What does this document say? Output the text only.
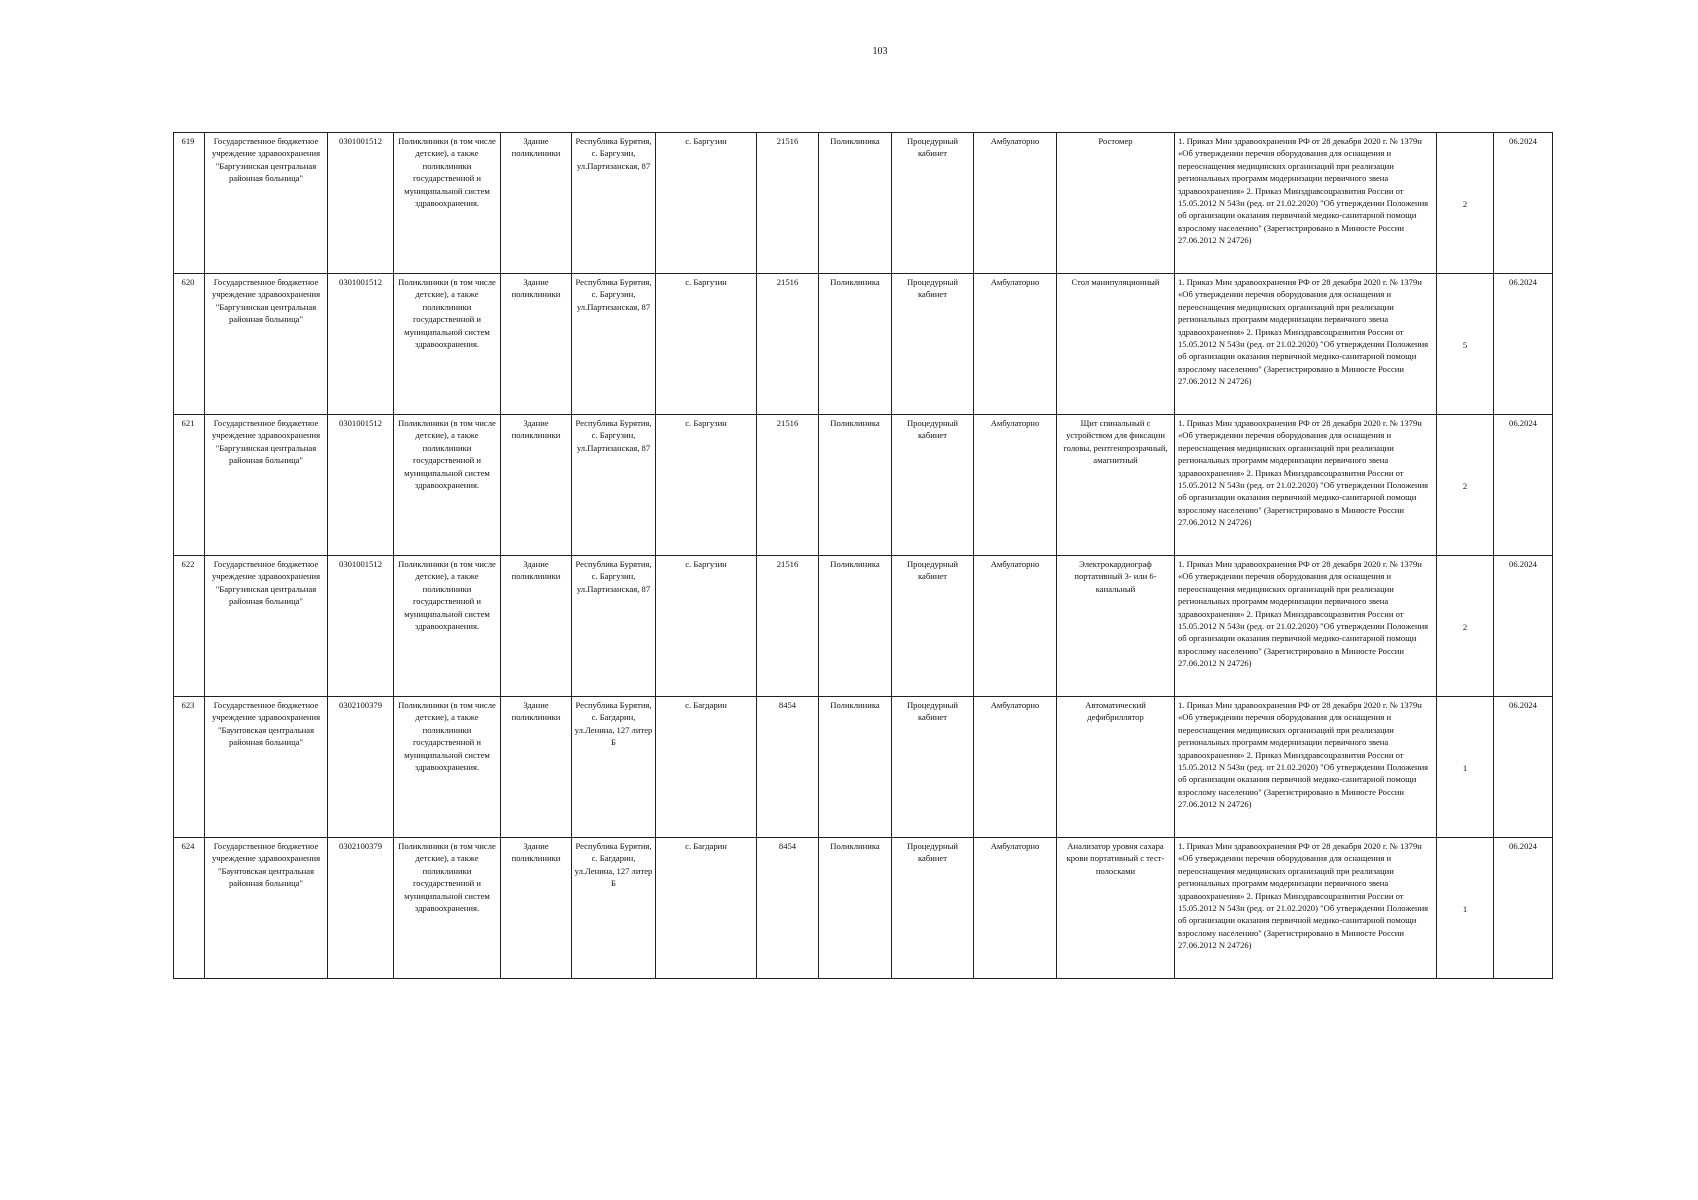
103
619	Государственное бюджетное учреждение здравоохранения "Баргузинская центральная районная больница"	0301001512	Поликлиники (в том числе детские), а также поликлиники государственной и муниципальной систем здравоохранения.	Здание поликлиники	Республика Бурятия, с. Баргузин, ул.Партизанская, 87	с. Баргузин	21516	Поликлиника	Процедурный кабинет	Амбулаторно	Ростомер	1. Приказ Мин здравоохранения РФ от 28 декабря 2020 г. № 1379н «Об утверждении перечня оборудования для оснащения и переоснащения медицинских организаций при реализации региональных программ модернизации первичного звена здравоохранения» 2. Приказ Минздравсоцразвития России от 15.05.2012 N 543н (ред. от 21.02.2020) "Об утверждении Положения об организации оказания первичной медико-санитарной помощи взрослому населению" (Зарегистрировано в Минюсте России 27.06.2012 N 24726)	2	06.2024
620	Государственное бюджетное учреждение здравоохранения "Баргузинская центральная районная больница"	0301001512	Поликлиники (в том числе детские), а также поликлиники государственной и муниципальной систем здравоохранения.	Здание поликлиники	Республика Бурятия, с. Баргузин, ул.Партизанская, 87	с. Баргузин	21516	Поликлиника	Процедурный кабинет	Амбулаторно	Стол манипуляционный	1. Приказ Мин здравоохранения РФ от 28 декабря 2020 г. № 1379н «Об утверждении перечня оборудования для оснащения и переоснащения медицинских организаций при реализации региональных программ модернизации первичного звена здравоохранения» 2. Приказ Минздравсоцразвития России от 15.05.2012 N 543н (ред. от 21.02.2020) "Об утверждении Положения об организации оказания первичной медико-санитарной помощи взрослому населению" (Зарегистрировано в Минюсте России 27.06.2012 N 24726)	5	06.2024
621	Государственное бюджетное учреждение здравоохранения "Баргузинская центральная районная больница"	0301001512	Поликлиники (в том числе детские), а также поликлиники государственной и муниципальной систем здравоохранения.	Здание поликлиники	Республика Бурятия, с. Баргузин, ул.Партизанская, 87	с. Баргузин	21516	Поликлиника	Процедурный кабинет	Амбулаторно	Щит спинальный с устройством для фиксации головы, рентгенпрозрачный, амагнитный	1. Приказ Мин здравоохранения РФ от 28 декабря 2020 г. № 1379н «Об утверждении перечня оборудования для оснащения и переоснащения медицинских организаций при реализации региональных программ модернизации первичного звена здравоохранения» 2. Приказ Минздравсоцразвития России от 15.05.2012 N 543н (ред. от 21.02.2020) "Об утверждении Положения об организации оказания первичной медико-санитарной помощи взрослому населению" (Зарегистрировано в Минюсте России 27.06.2012 N 24726)	2	06.2024
622	Государственное бюджетное учреждение здравоохранения "Баргузинская центральная районная больница"	0301001512	Поликлиники (в том числе детские), а также поликлиники государственной и муниципальной систем здравоохранения.	Здание поликлиники	Республика Бурятия, с. Баргузин, ул.Партизанская, 87	с. Баргузин	21516	Поликлиника	Процедурный кабинет	Амбулаторно	Электрокардиограф портативный 3- или 6-канальный	1. Приказ Мин здравоохранения РФ от 28 декабря 2020 г. № 1379н «Об утверждении перечня оборудования для оснащения и переоснащения медицинских организаций при реализации региональных программ модернизации первичного звена здравоохранения» 2. Приказ Минздравсоцразвития России от 15.05.2012 N 543н (ред. от 21.02.2020) "Об утверждении Положения об организации оказания первичной медико-санитарной помощи взрослому населению" (Зарегистрировано в Минюсте России 27.06.2012 N 24726)	2	06.2024
623	Государственное бюджетное учреждение здравоохранения "Баунтовская центральная районная больница"	0302100379	Поликлиники (в том числе детские), а также поликлиники государственной и муниципальной систем здравоохранения.	Здание поликлиники	Республика Бурятия, с. Багдарин, ул.Ленина, 127 литер Б	с. Багдарин	8454	Поликлиника	Процедурный кабинет	Амбулаторно	Автоматический дефибриллятор	1. Приказ Мин здравоохранения РФ от 28 декабря 2020 г. № 1379н «Об утверждении перечня оборудования для оснащения и переоснащения медицинских организаций при реализации региональных программ модернизации первичного звена здравоохранения» 2. Приказ Минздравсоцразвития России от 15.05.2012 N 543н (ред. от 21.02.2020) "Об утверждении Положения об организации оказания первичной медико-санитарной помощи взрослому населению" (Зарегистрировано в Минюсте России 27.06.2012 N 24726)	1	06.2024
624	Государственное бюджетное учреждение здравоохранения "Баунтовская центральная районная больница"	0302100379	Поликлиники (в том числе детские), а также поликлиники государственной и муниципальной систем здравоохранения.	Здание поликлиники	Республика Бурятия, с. Багдарин, ул.Ленина, 127 литер Б	с. Багдарин	8454	Поликлиника	Процедурный кабинет	Амбулаторно	Анализатор уровня сахара крови портативный с тест-полосками	1. Приказ Мин здравоохранения РФ от 28 декабря 2020 г. № 1379н «Об утверждении перечня оборудования для оснащения и переоснащения медицинских организаций при реализации региональных программ модернизации первичного звена здравоохранения» 2. Приказ Минздравсоцразвития России от 15.05.2012 N 543н (ред. от 21.02.2020) "Об утверждении Положения об организации оказания первичной медико-санитарной помощи взрослому населению" (Зарегистрировано в Минюсте России 27.06.2012 N 24726)	1	06.2024
